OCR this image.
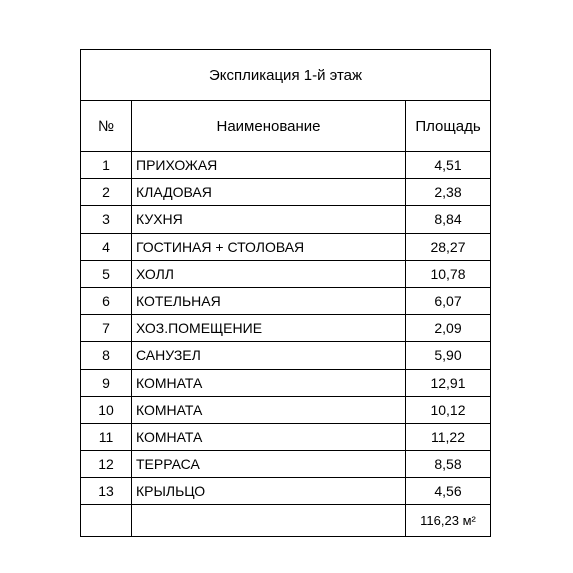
Экспликация 1-й этаж		
№	Наименование	Площадь
1	ПРИХОЖАЯ	4,51
2	КЛАДОВАЯ	2,38
3	КУХНЯ	8,84
4	ГОСТИНАЯ + СТОЛОВАЯ	28,27
5	ХОЛЛ	10,78
6	КОТЕЛЬНАЯ	6,07
7	ХОЗ.ПОМЕЩЕНИЕ	2,09
8	САНУЗЕЛ	5,90
9	КОМНАТА	12,91
10	КОМНАТА	10,12
11	КОМНАТА	11,22
12	ТЕРРАСА	8,58
13	КРЫЛЬЦО	4,56
		116,23 м²
